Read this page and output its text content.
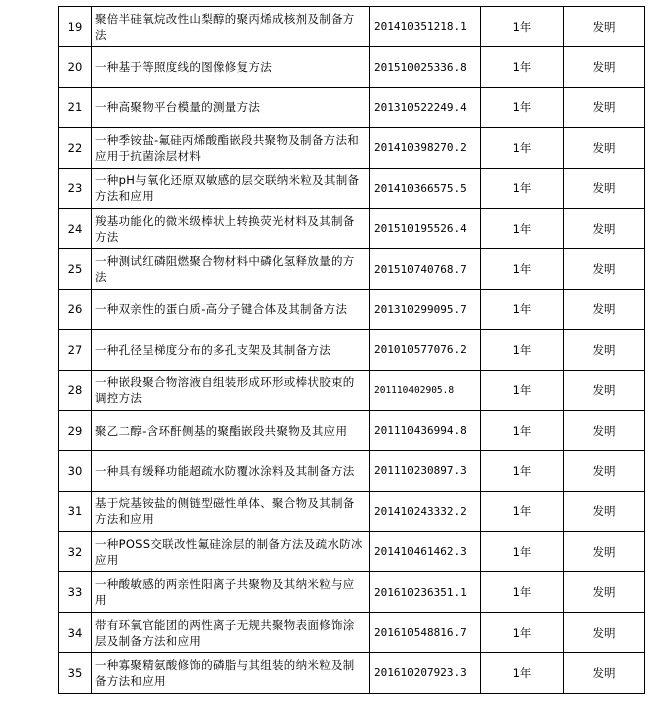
19	聚倍半硅氧烷改性山梨醇的聚丙烯成核剂及制备方法	201410351218.1	1年	发明
20	一种基于等照度线的图像修复方法	201510025336.8	1年	发明
21	一种高聚物平台模量的测量方法	201310522249.4	1年	发明
22	一种季铵盐-氟硅丙烯酸酯嵌段共聚物及制备方法和应用于抗菌涂层材料	201410398270.2	1年	发明
23	一种pH与氧化还原双敏感的层交联纳米粒及其制备方法和应用	201410366575.5	1年	发明
24	羧基功能化的微米级棒状上转换荧光材料及其制备方法	201510195526.4	1年	发明
25	一种测试红磷阻燃聚合物材料中磷化氢释放量的方法	201510740768.7	1年	发明
26	一种双亲性的蛋白质-高分子键合体及其制备方法	201310299095.7	1年	发明
27	一种孔径呈梯度分布的多孔支架及其制备方法	201010577076.2	1年	发明
28	一种嵌段聚合物溶液自组装形成环形或棒状胶束的调控方法	201110402905.8	1年	发明
29	聚乙二醇-含环酐侧基的聚酯嵌段共聚物及其应用	201110436994.8	1年	发明
30	一种具有缓释功能超疏水防覆冰涂料及其制备方法	201110230897.3	1年	发明
31	基于烷基铵盐的侧链型磁性单体、聚合物及其制备方法和应用	201410243332.2	1年	发明
32	一种POSS交联改性氟硅涂层的制备方法及疏水防冰应用	201410461462.3	1年	发明
33	一种酸敏感的两亲性阳离子共聚物及其纳米粒与应用	201610236351.1	1年	发明
34	带有环氧官能团的两性离子无规共聚物表面修饰涂层及制备方法和应用	201610548816.7	1年	发明
35	一种寡聚精氨酸修饰的磷脂与其组装的纳米粒及制备方法和应用	201610207923.3	1年	发明
